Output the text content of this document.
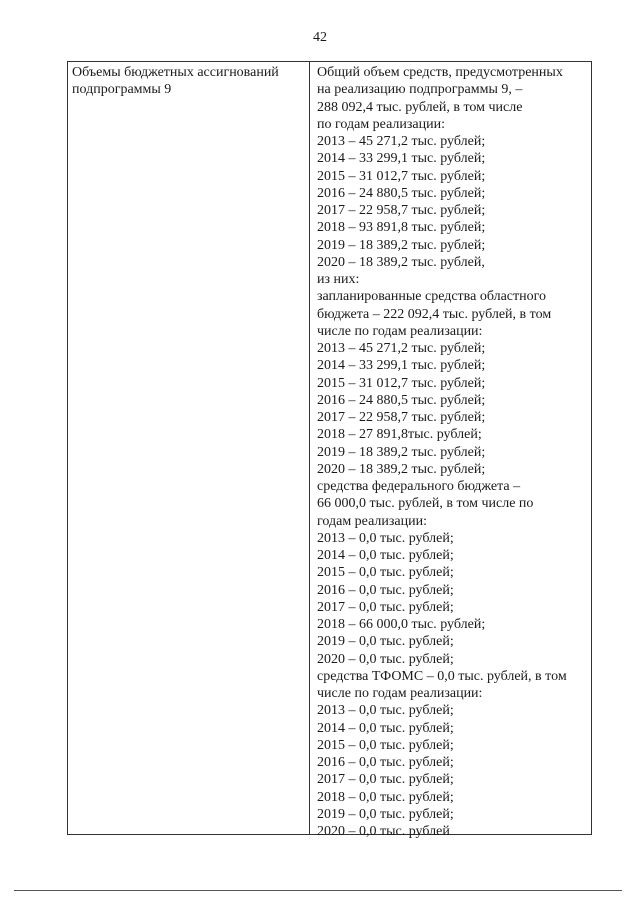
42
Объемы бюджетных ассигнований
подпрограммы 9
Общий объем средств, предусмотренных
на реализацию подпрограммы 9, –
288 092,4 тыс. рублей, в том числе
по годам реализации:
2013 – 45 271,2 тыс. рублей;
2014 – 33 299,1 тыс. рублей;
2015 – 31 012,7 тыс. рублей;
2016 – 24 880,5 тыс. рублей;
2017 – 22 958,7 тыс. рублей;
2018 – 93 891,8 тыс. рублей;
2019 – 18 389,2 тыс. рублей;
2020 – 18 389,2 тыс. рублей,
из них:
запланированные средства областного
бюджета – 222 092,4 тыс. рублей, в том
числе по годам реализации:
2013 – 45 271,2 тыс. рублей;
2014 – 33 299,1 тыс. рублей;
2015 – 31 012,7 тыс. рублей;
2016 – 24 880,5 тыс. рублей;
2017 – 22 958,7 тыс. рублей;
2018 – 27 891,8тыс. рублей;
2019 – 18 389,2 тыс. рублей;
2020 – 18 389,2 тыс. рублей;
средства федерального бюджета –
66 000,0 тыс. рублей, в том числе по
годам реализации:
2013 – 0,0 тыс. рублей;
2014 – 0,0 тыс. рублей;
2015 – 0,0 тыс. рублей;
2016 – 0,0 тыс. рублей;
2017 – 0,0 тыс. рублей;
2018 – 66 000,0 тыс. рублей;
2019 – 0,0 тыс. рублей;
2020 – 0,0 тыс. рублей;
средства ТФОМС – 0,0 тыс. рублей, в том
числе по годам реализации:
2013 – 0,0 тыс. рублей;
2014 – 0,0 тыс. рублей;
2015 – 0,0 тыс. рублей;
2016 – 0,0 тыс. рублей;
2017 – 0,0 тыс. рублей;
2018 – 0,0 тыс. рублей;
2019 – 0,0 тыс. рублей;
2020 – 0,0 тыс. рублей
